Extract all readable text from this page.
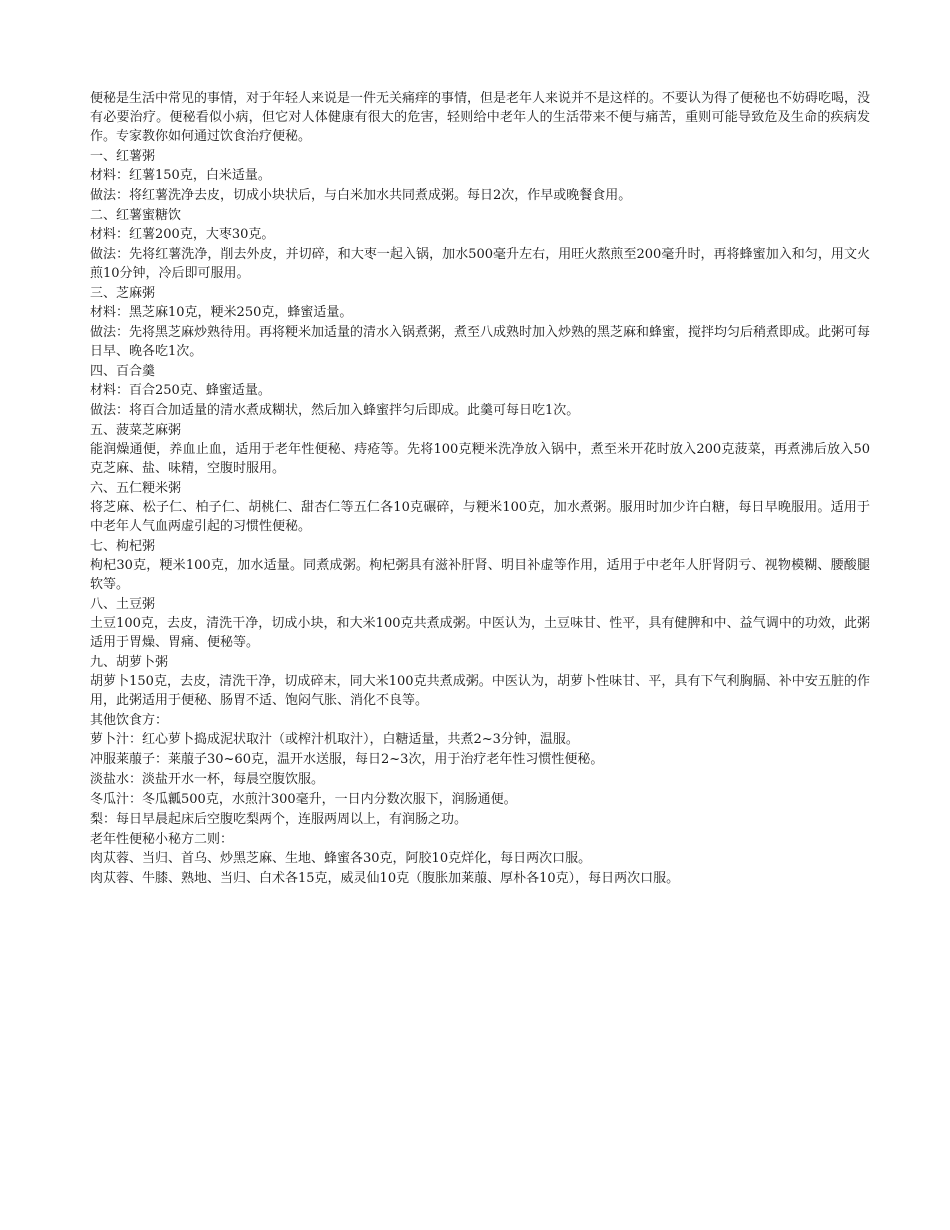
便秘是生活中常见的事情，对于年轻人来说是一件无关痛痒的事情，但是老年人来说并不是这样的。不要认为得了便秘也不妨碍吃喝，没有必要治疗。便秘看似小病，但它对人体健康有很大的危害，轻则给中老年人的生活带来不便与痛苦，重则可能导致危及生命的疾病发作。专家教你如何通过饮食治疗便秘。

一、红薯粥

材料：红薯150克，白米适量。

做法：将红薯洗净去皮，切成小块状后，与白米加水共同煮成粥。每日2次，作早或晚餐食用。

二、红薯蜜糖饮

材料：红薯200克，大枣30克。

做法：先将红薯洗净，削去外皮，并切碎，和大枣一起入锅，加水500毫升左右，用旺火熬煎至200毫升时，再将蜂蜜加入和匀，用文火煎10分钟，冷后即可服用。

三、芝麻粥

材料：黑芝麻10克，粳米250克，蜂蜜适量。

做法：先将黑芝麻炒熟待用。再将粳米加适量的清水入锅煮粥，煮至八成熟时加入炒熟的黑芝麻和蜂蜜，搅拌均匀后稍煮即成。此粥可每日早、晚各吃1次。

四、百合羹

材料：百合250克、蜂蜜适量。

做法：将百合加适量的清水煮成糊状，然后加入蜂蜜拌匀后即成。此羹可每日吃1次。

五、菠菜芝麻粥

能润燥通便，养血止血，适用于老年性便秘、痔疮等。先将100克粳米洗净放入锅中，煮至米开花时放入200克菠菜，再煮沸后放入50克芝麻、盐、味精，空腹时服用。

六、五仁粳米粥

将芝麻、松子仁、柏子仁、胡桃仁、甜杏仁等五仁各10克碾碎，与粳米100克，加水煮粥。服用时加少许白糖，每日早晚服用。适用于中老年人气血两虚引起的习惯性便秘。

七、枸杞粥

枸杞30克，粳米100克，加水适量。同煮成粥。枸杞粥具有滋补肝肾、明目补虚等作用，适用于中老年人肝肾阴亏、视物模糊、腰酸腿软等。

八、土豆粥

土豆100克，去皮，清洗干净，切成小块，和大米100克共煮成粥。中医认为，土豆味甘、性平，具有健脾和中、益气调中的功效，此粥适用于胃燥、胃痛、便秘等。

九、胡萝卜粥

胡萝卜150克，去皮，清洗干净，切成碎末，同大米100克共煮成粥。中医认为，胡萝卜性味甘、平，具有下气利胸膈、补中安五脏的作用，此粥适用于便秘、肠胃不适、饱闷气胀、消化不良等。

其他饮食方：

萝卜汁：红心萝卜捣成泥状取汁（或榨汁机取汁），白糖适量，共煮2~3分钟，温服。

冲服莱菔子：莱菔子30~60克，温开水送服，每日2~3次，用于治疗老年性习惯性便秘。

淡盐水：淡盐开水一杯，每晨空腹饮服。

冬瓜汁：冬瓜瓤500克，水煎汁300毫升，一日内分数次服下，润肠通便。

梨：每日早晨起床后空腹吃梨两个，连服两周以上，有润肠之功。

老年性便秘小秘方二则：

肉苁蓉、当归、首乌、炒黑芝麻、生地、蜂蜜各30克，阿胶10克烊化，每日两次口服。

肉苁蓉、牛膝、熟地、当归、白术各15克，威灵仙10克（腹胀加莱菔、厚朴各10克），每日两次口服。
